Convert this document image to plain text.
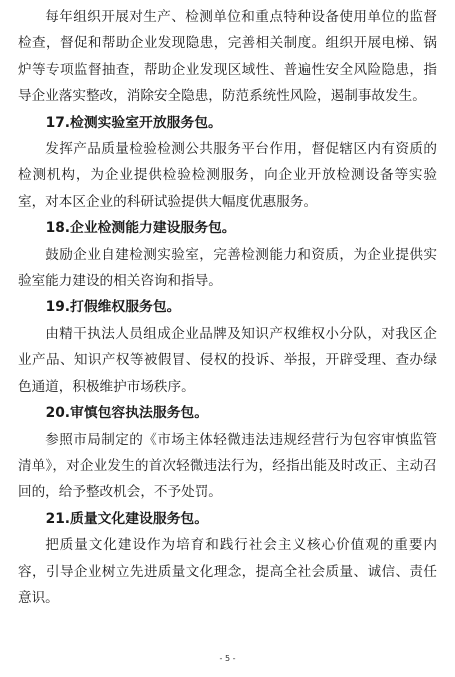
每年组织开展对生产、检测单位和重点特种设备使用单位的监督检查，督促和帮助企业发现隐患，完善相关制度。组织开展电梯、锅炉等专项监督抽查，帮助企业发现区域性、普遍性安全风险隐患，指导企业落实整改，消除安全隐患，防范系统性风险，遏制事故发生。

17.检测实验室开放服务包。

发挥产品质量检验检测公共服务平台作用，督促辖区内有资质的检测机构，为企业提供检验检测服务，向企业开放检测设备等实验室，对本区企业的科研试验提供大幅度优惠服务。

18.企业检测能力建设服务包。

鼓励企业自建检测实验室，完善检测能力和资质，为企业提供实验室能力建设的相关咨询和指导。

19.打假维权服务包。

由精干执法人员组成企业品牌及知识产权维权小分队，对我区企业产品、知识产权等被假冒、侵权的投诉、举报，开辟受理、查办绿色通道，积极维护市场秩序。

20.审慎包容执法服务包。

参照市局制定的《市场主体轻微违法违规经营行为包容审慎监管清单》，对企业发生的首次轻微违法行为，经指出能及时改正、主动召回的，给予整改机会，不予处罚。

21.质量文化建设服务包。

把质量文化建设作为培育和践行社会主义核心价值观的重要内容，引导企业树立先进质量文化理念，提高全社会质量、诚信、责任意识。

- 5 -
